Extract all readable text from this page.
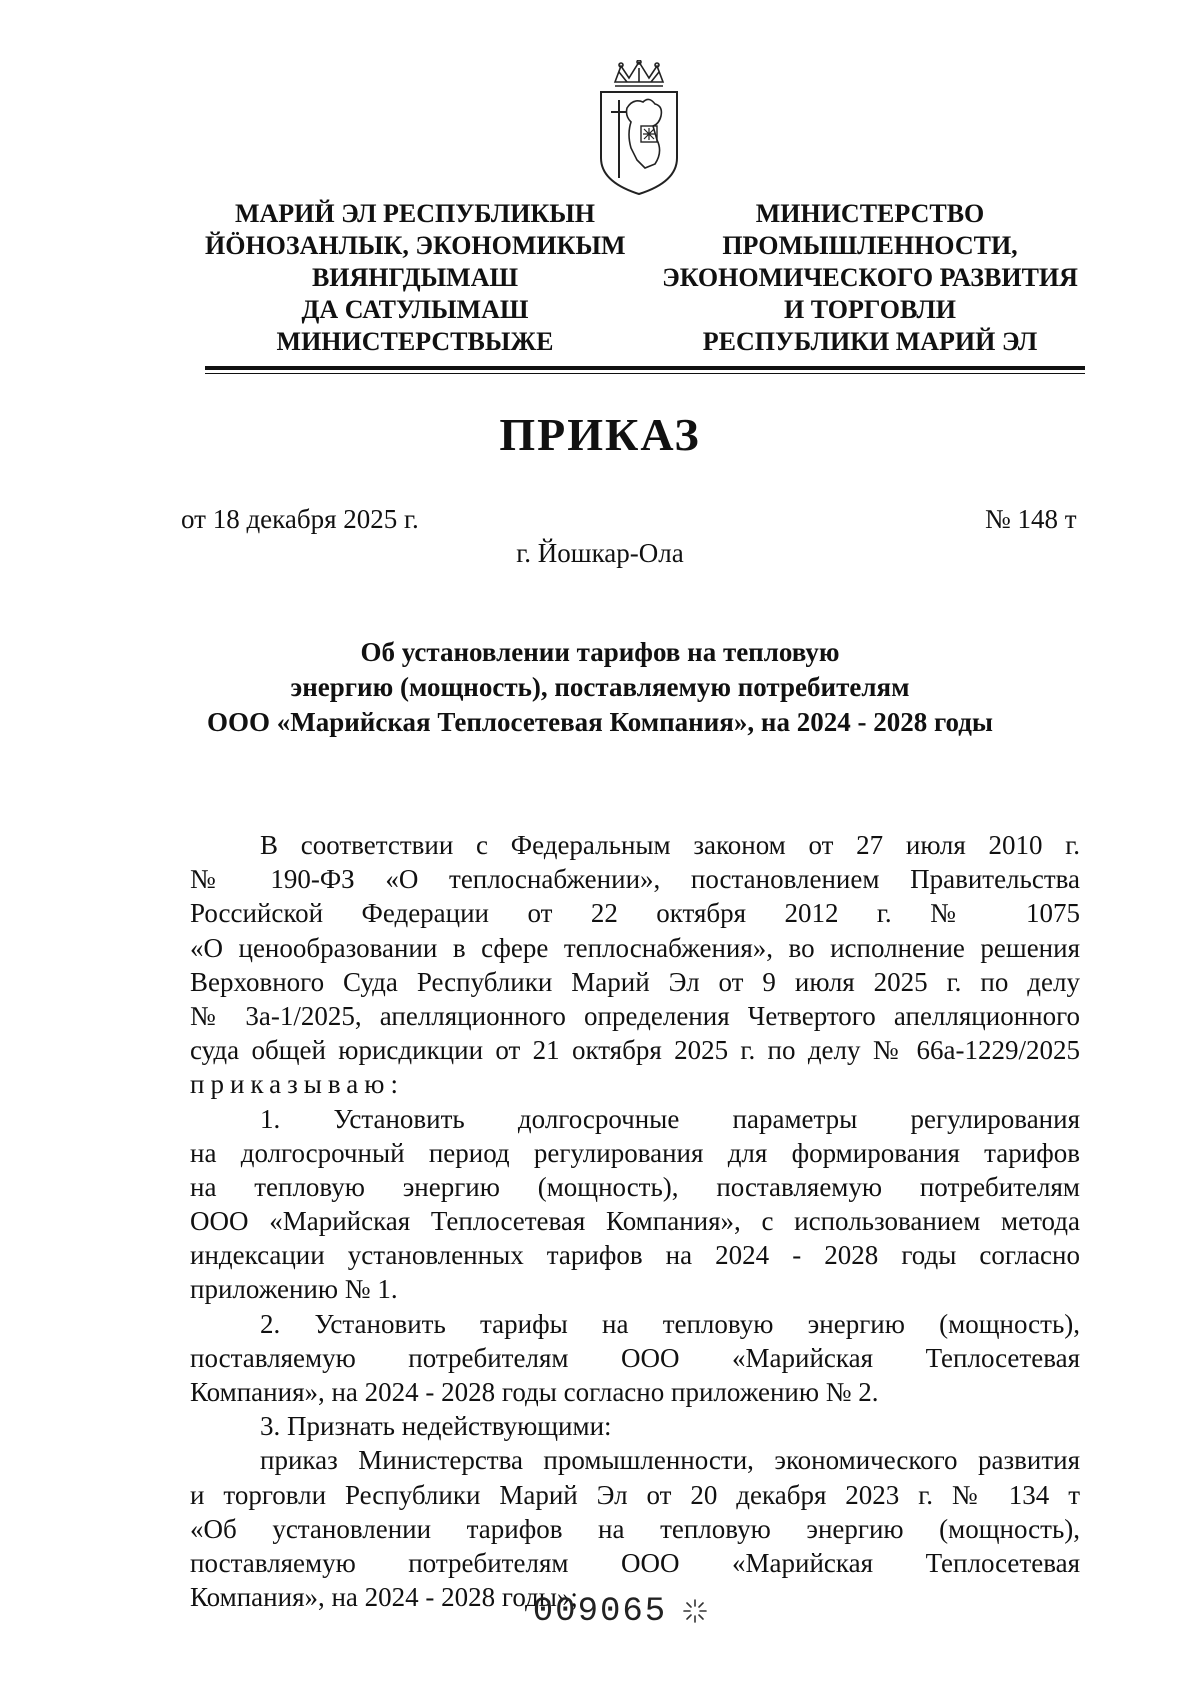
МАРИЙ ЭЛ РЕСПУБЛИКЫН
ЙӦНОЗАНЛЫК, ЭКОНОМИКЫМ
ВИЯНГДЫМАШ
ДА САТУЛЫМАШ
МИНИСТЕРСТВЫЖЕ
МИНИСТЕРСТВО
ПРОМЫШЛЕННОСТИ,
ЭКОНОМИЧЕСКОГО РАЗВИТИЯ
И ТОРГОВЛИ
РЕСПУБЛИКИ МАРИЙ ЭЛ
ПРИКАЗ
от 18 декабря 2025 г.	№ 148 т
г. Йошкар-Ола
Об установлении тарифов на тепловую
энергию (мощность), поставляемую потребителям
ООО «Марийская Теплосетевая Компания», на 2024 - 2028 годы
В соответствии с Федеральным законом от 27 июля 2010 г.
№ 190-ФЗ «О теплоснабжении», постановлением Правительства
Российской Федерации от 22 октября 2012 г. № 1075
«О ценообразовании в сфере теплоснабжения», во исполнение решения
Верховного Суда Республики Марий Эл от 9 июля 2025 г. по делу
№ 3а-1/2025, апелляционного определения Четвертого апелляционного
суда общей юрисдикции от 21 октября 2025 г. по делу № 66а-1229/2025
приказываю:
1. Установить долгосрочные параметры регулирования
на долгосрочный период регулирования для формирования тарифов
на тепловую энергию (мощность), поставляемую потребителям
ООО «Марийская Теплосетевая Компания», с использованием метода
индексации установленных тарифов на 2024 - 2028 годы согласно
приложению № 1.
2. Установить тарифы на тепловую энергию (мощность),
поставляемую потребителям ООО «Марийская Теплосетевая
Компания», на 2024 - 2028 годы согласно приложению № 2.
3. Признать недействующими:
приказ Министерства промышленности, экономического развития
и торговли Республики Марий Эл от 20 декабря 2023 г. № 134 т
«Об установлении тарифов на тепловую энергию (мощность),
поставляемую потребителям ООО «Марийская Теплосетевая
Компания», на 2024 - 2028 годы»;
009065
